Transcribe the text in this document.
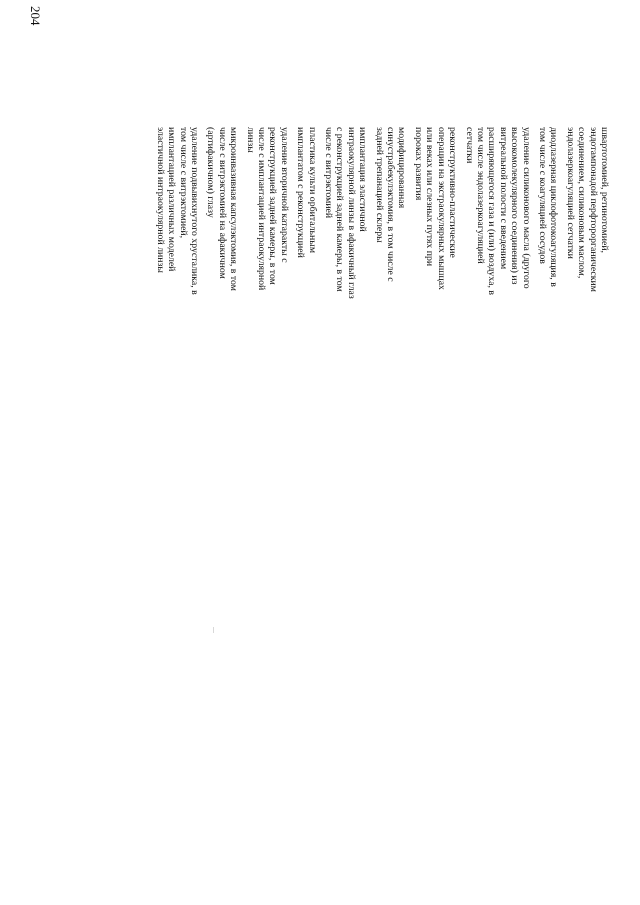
204
швартотомией, ретинотомией,
эндотампонадой перфторорганическим
соединением, силиконовым маслом,
эндолазеркоагуляцией сетчатки
диодлазерная циклофотокоагуляция, в
том числе с коагуляцией сосудов
удаление силиконового масла (другого
высокомолекулярного соединения) из
витреальной полости с введением
расширяющегося газа и (или) воздуха, в
том числе эндолазеркоагуляцией
сетчатки
реконструктивно-пластические
операции на экстраокулярных мышцах
или веках или слезных путях при
пороках развития
модифицированная
синустрабекулэктомия, в том числе с
задней трепанацией склеры
имплантация эластичной
интраокулярной линзы в афакичный глаз
с реконструкцией задней камеры, в том
числе с витрэктомией
пластика культи орбитальным
имплантатом с реконструкцией
удаление вторичной катаракты с
реконструкцией задней камеры, в том
числе с имплантацией интраокулярной
линзы
микроинвазивная капсулэктомия, в том
числе с витрэктомией на афакичном
(артифакичном) глазу
удаление подвывихнутого хрусталика, в
том числе с витрэктомией,
имплантацией различных моделей
эластичной интраокулярной линзы
